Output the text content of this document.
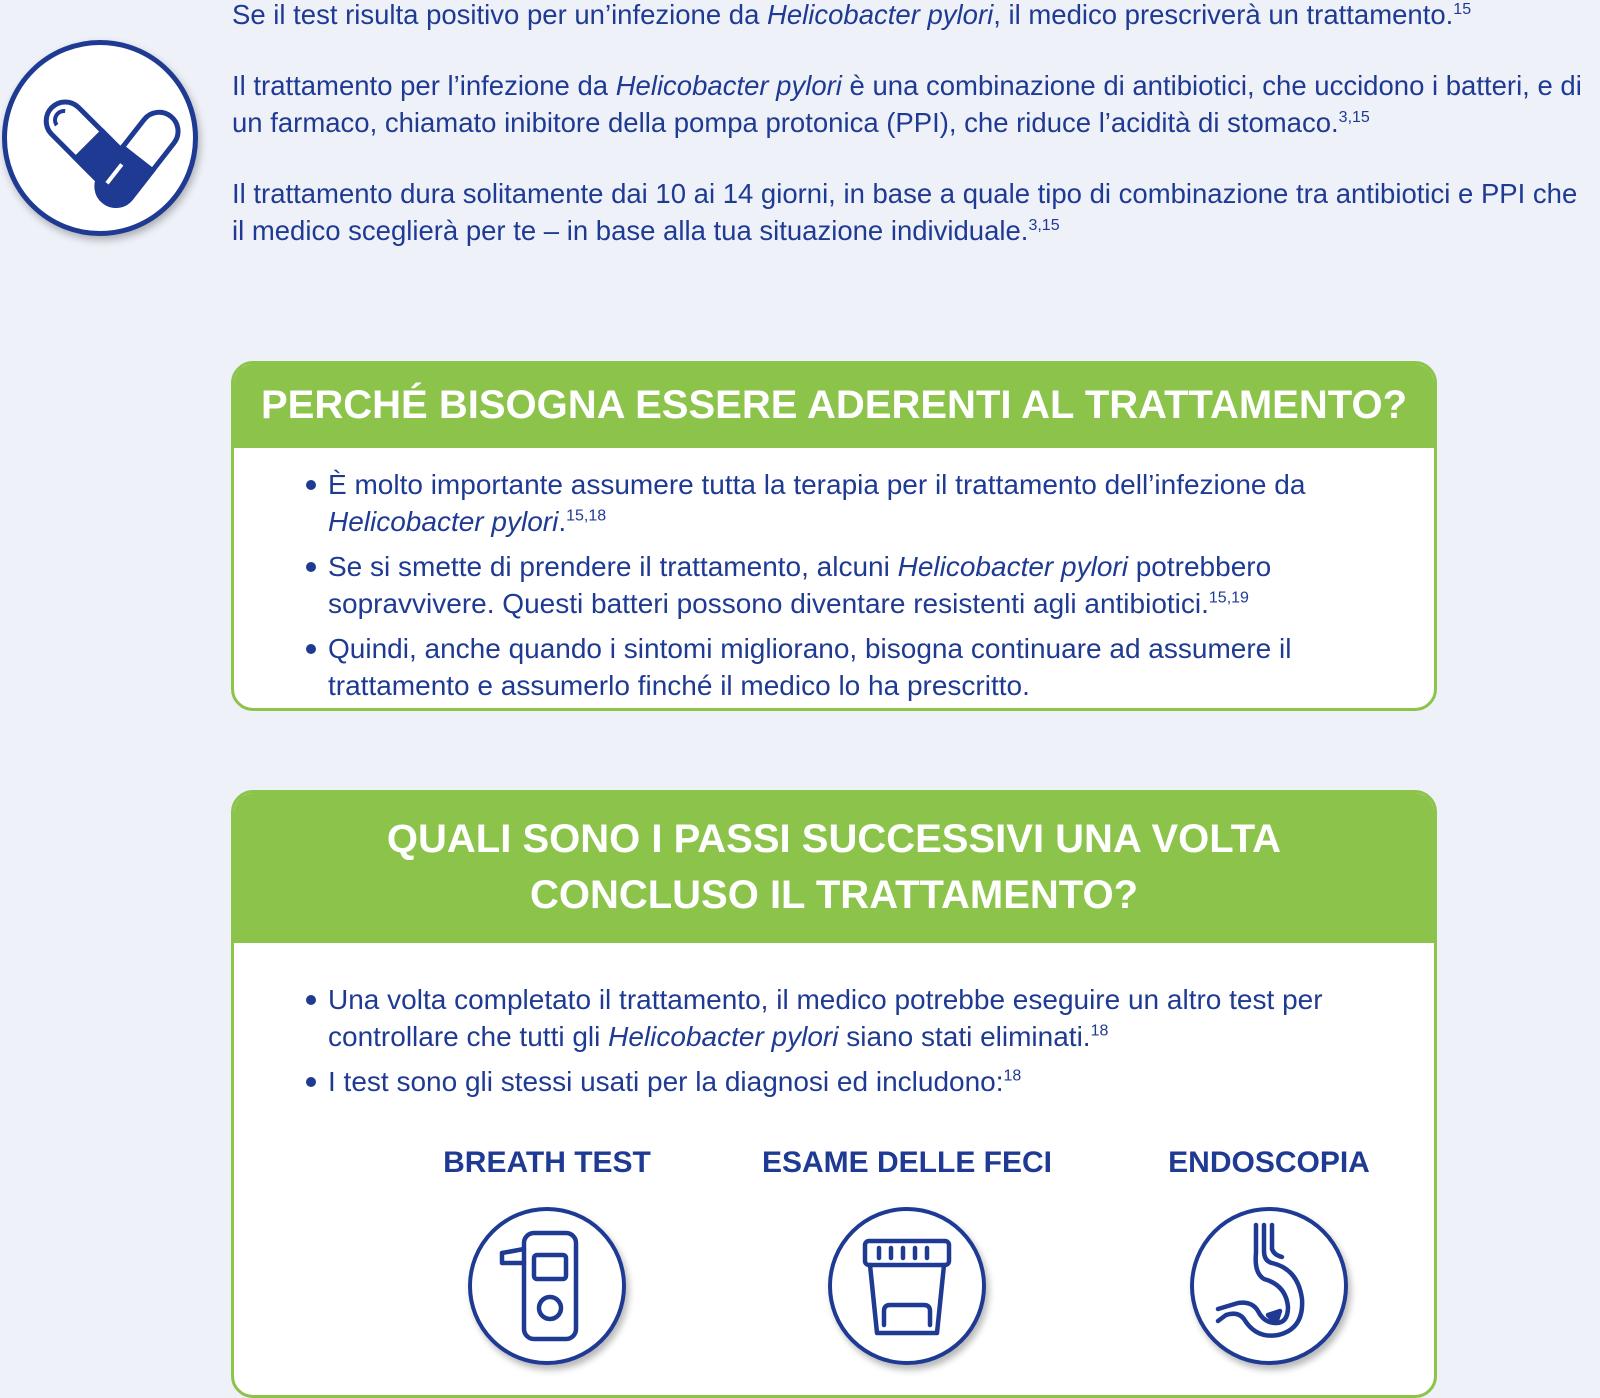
Se il test risulta positivo per un’infezione da Helicobacter pylori, il medico prescriverà un trattamento.$^{15}$

Il trattamento per l’infezione da Helicobacter pylori è una combinazione di antibiotici, che uccidono i batteri, e di un farmaco, chiamato inibitore della pompa protonica (PPI), che riduce l’acidità di stomaco.$^{3,15}$

Il trattamento dura solitamente dai 10 ai 14 giorni, in base a quale tipo di combinazione tra antibiotici e PPI che il medico sceglierà per te – in base alla tua situazione individuale.$^{3,15}$

PERCHÉ BISOGNA ESSERE ADERENTI AL TRATTAMENTO?
È molto importante assumere tutta la terapia per il trattamento dell’infezione da Helicobacter pylori.$^{15,18}$
Se si smette di prendere il trattamento, alcuni Helicobacter pylori potrebbero sopravvivere. Questi batteri possono diventare resistenti agli antibiotici.$^{15,19}$
Quindi, anche quando i sintomi migliorano, bisogna continuare ad assumere il trattamento e assumerlo finché il medico lo ha prescritto.
QUALI SONO I PASSI SUCCESSIVI UNA VOLTA
CONCLUSO IL TRATTAMENTO?
Una volta completato il trattamento, il medico potrebbe eseguire un altro test per controllare che tutti gli Helicobacter pylori siano stati eliminati.$^{18}$
I test sono gli stessi usati per la diagnosi ed includono:$^{18}$
BREATH TEST	ESAME DELLE FECI	ENDOSCOPIA
